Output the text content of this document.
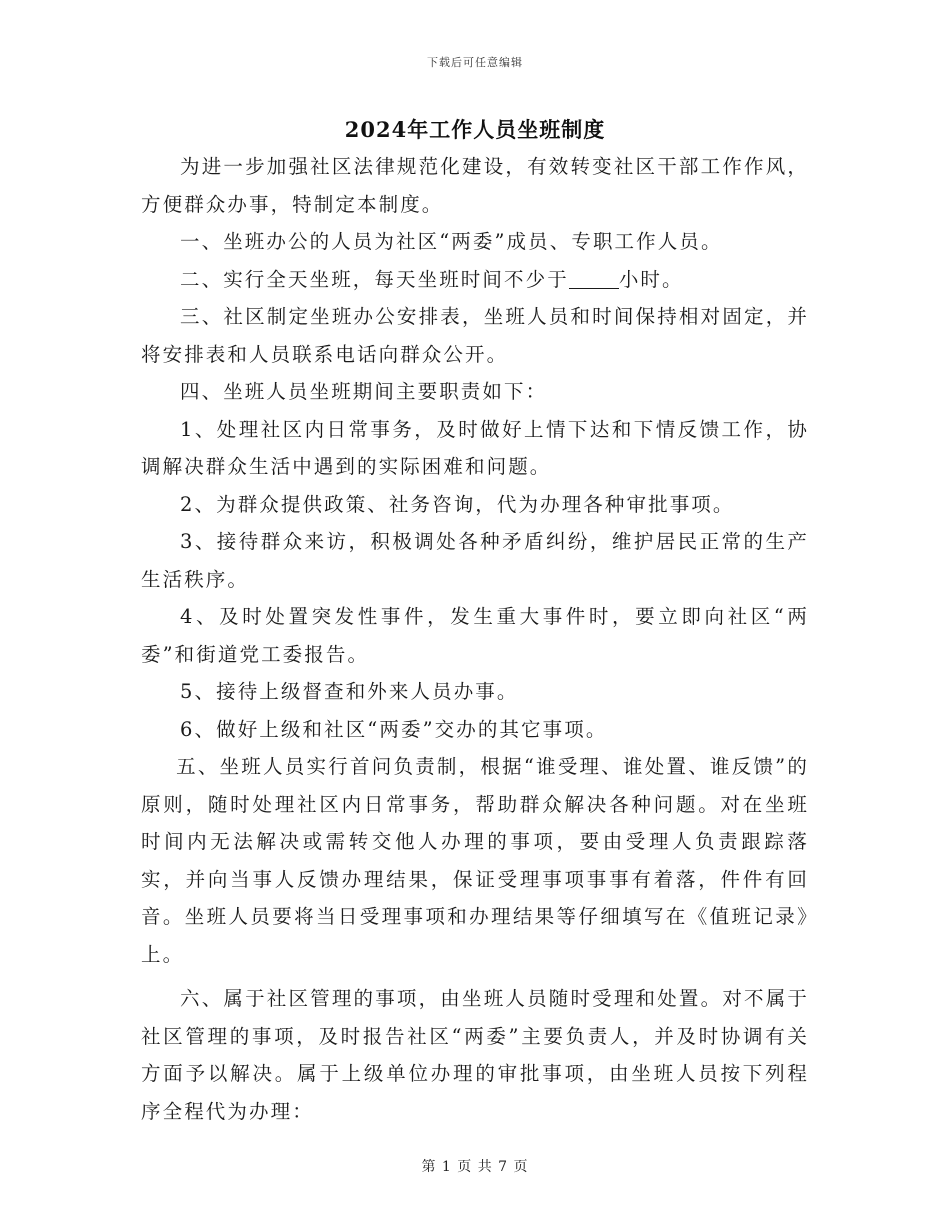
下载后可任意编辑
2024年工作人员坐班制度

为进一步加强社区法律规范化建设，有效转变社区干部工作作风，方便群众办事，特制定本制度。

一、坐班办公的人员为社区“两委”成员、专职工作人员。

二、实行全天坐班，每天坐班时间不少于	小时。

三、社区制定坐班办公安排表，坐班人员和时间保持相对固定，并将安排表和人员联系电话向群众公开。

四、坐班人员坐班期间主要职责如下：

1、处理社区内日常事务，及时做好上情下达和下情反馈工作，协调解决群众生活中遇到的实际困难和问题。

2、为群众提供政策、社务咨询，代为办理各种审批事项。

3、接待群众来访，积极调处各种矛盾纠纷，维护居民正常的生产生活秩序。

4、及时处置突发性事件，发生重大事件时，要立即向社区“两委”和街道党工委报告。

5、接待上级督查和外来人员办事。

6、做好上级和社区“两委”交办的其它事项。

五、坐班人员实行首问负责制，根据“谁受理、谁处置、谁反馈”的原则，随时处理社区内日常事务，帮助群众解决各种问题。对在坐班时间内无法解决或需转交他人办理的事项，要由受理人负责跟踪落实，并向当事人反馈办理结果，保证受理事项事事有着落，件件有回音。坐班人员要将当日受理事项和办理结果等仔细填写在《值班记录》上。

六、属于社区管理的事项，由坐班人员随时受理和处置。对不属于社区管理的事项，及时报告社区“两委”主要负责人，并及时协调有关方面予以解决。属于上级单位办理的审批事项，由坐班人员按下列程序全程代为办理：

第 1 页 共 7 页
